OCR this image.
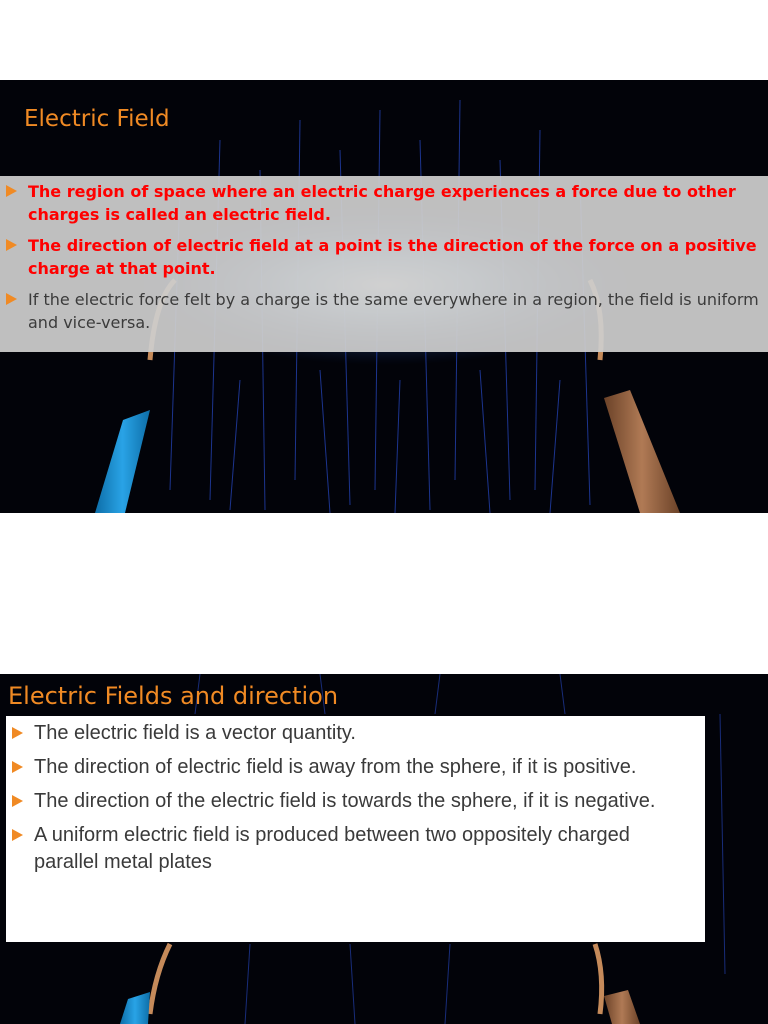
Electric Field
The region of space where an electric charge experiences a force due to other charges is called an electric field.
The direction of electric field at a point is the direction of the force on a positive charge at that point.
If the electric force felt by a charge is the same everywhere in a region, the field is uniform and vice-versa.
Electric Fields and direction
The electric field is a vector quantity.
The direction of electric field is away from the sphere, if it is positive.
The direction of the electric field is towards the sphere, if it is negative.
A uniform electric field is produced between two oppositely charged parallel metal plates
